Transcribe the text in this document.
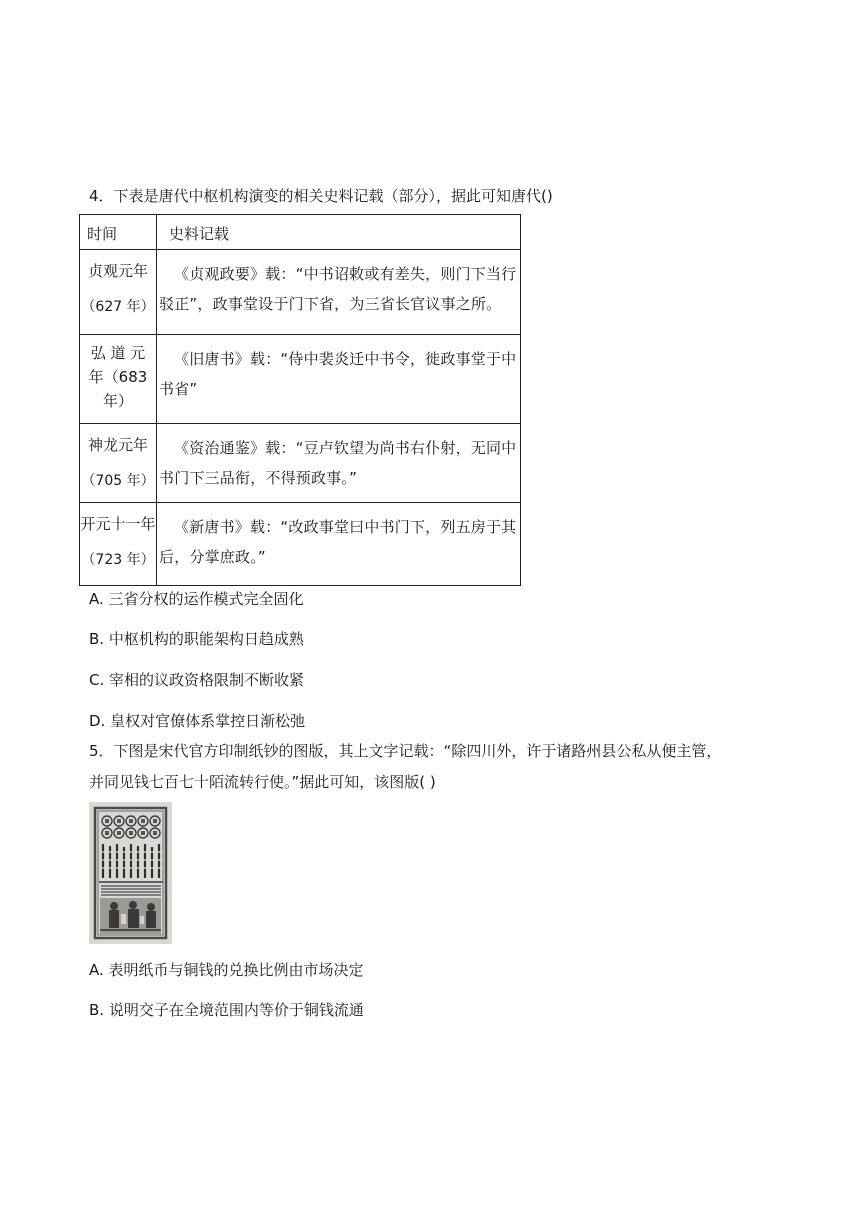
4．下表是唐代中枢机构演变的相关史料记载（部分），据此可知唐代()
时间	史料记载

贞观元年
（627 年）	《贞观政要》载：“中书诏敕或有差失，则门下当行驳正”，政事堂设于门下省，为三省长官议事之所。

弘 道 元
年（683
年）	《旧唐书》载：“侍中裴炎迁中书令，徙政事堂于中书省”

神龙元年
（705 年）	《资治通鉴》载：“豆卢钦望为尚书右仆射，无同中书门下三品衔，不得预政事。”

开元十一年
（723 年）	《新唐书》载：“改政事堂曰中书门下，列五房于其后，分掌庶政。”
A. 三省分权的运作模式完全固化
B. 中枢机构的职能架构日趋成熟
C. 宰相的议政资格限制不断收紧
D. 皇权对官僚体系掌控日渐松弛
5．下图是宋代官方印制纸钞的图版，其上文字记载：“除四川外，许于诸路州县公私从便主管，
并同见钱七百七十陌流转行使。”据此可知，该图版( )
A. 表明纸币与铜钱的兑换比例由市场决定
B. 说明交子在全境范围内等价于铜钱流通
